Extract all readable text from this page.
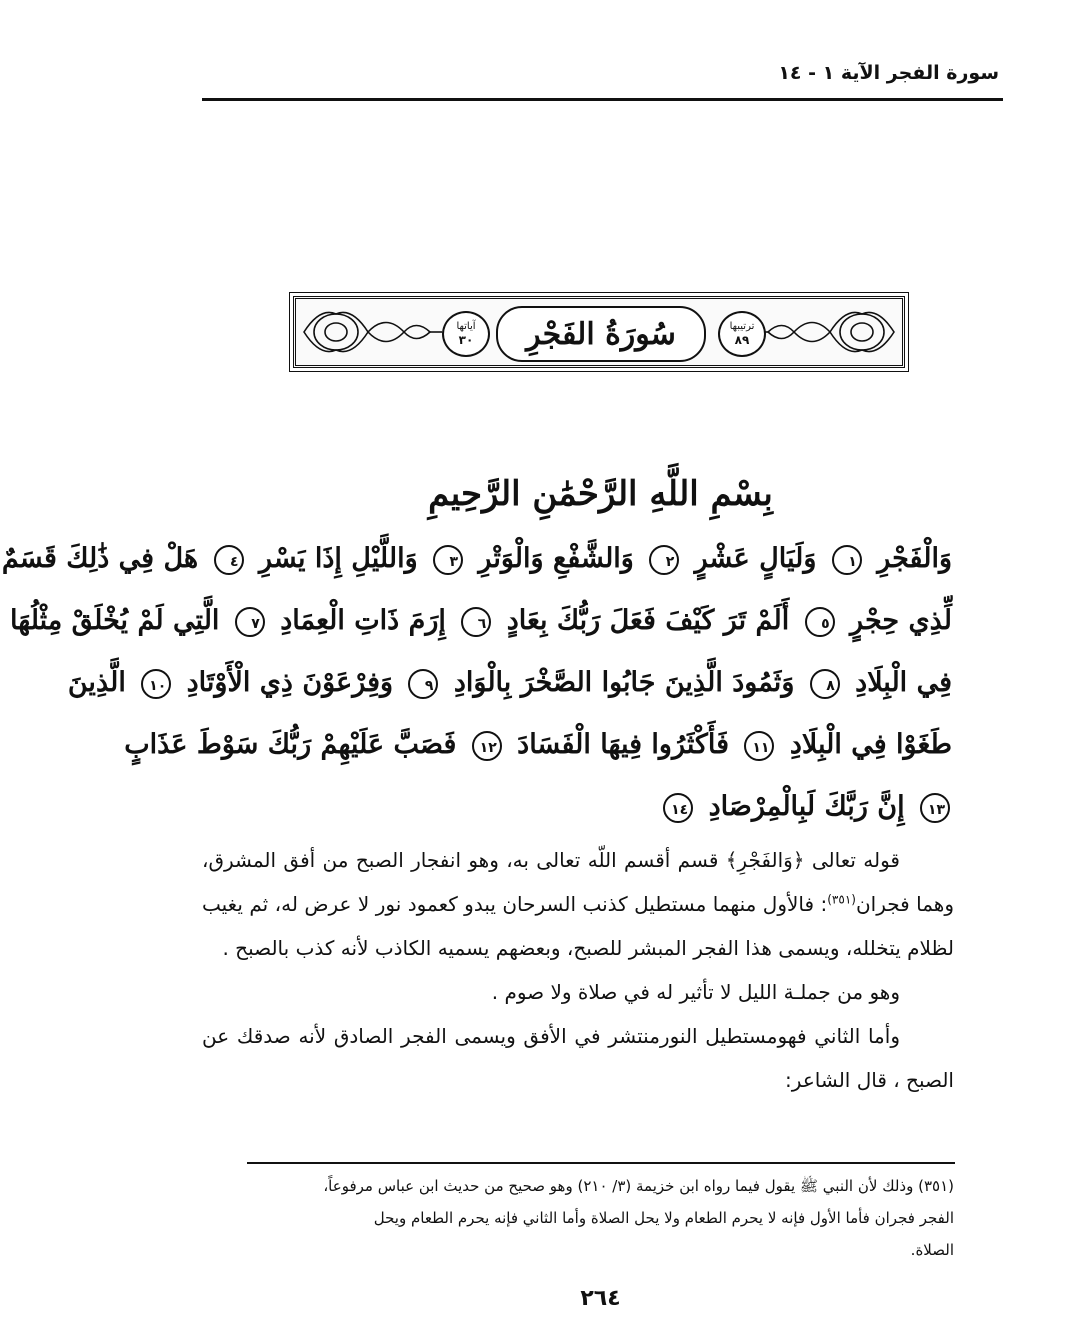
سورة الفجر الآية ١ - ١٤
آياتها
٣٠ سُورَةُ الفَجْرِ	ترتيبها
٨٩
بِسْمِ اللَّهِ الرَّحْمَٰنِ الرَّحِيمِ
وَالْفَجْرِ ١ وَلَيَالٍ عَشْرٍ ٢ وَالشَّفْعِ وَالْوَتْرِ ٣ وَاللَّيْلِ إِذَا يَسْرِ ٤ هَلْ فِي ذَٰلِكَ قَسَمٌ
لِّذِي حِجْرٍ ٥ أَلَمْ تَرَ كَيْفَ فَعَلَ رَبُّكَ بِعَادٍ ٦ إِرَمَ ذَاتِ الْعِمَادِ ٧ الَّتِي لَمْ يُخْلَقْ مِثْلُهَا
فِي الْبِلَادِ ٨ وَثَمُودَ الَّذِينَ جَابُوا الصَّخْرَ بِالْوَادِ ٩ وَفِرْعَوْنَ ذِي الْأَوْتَادِ ١٠ الَّذِينَ
طَغَوْا فِي الْبِلَادِ ١١ فَأَكْثَرُوا فِيهَا الْفَسَادَ ١٢ فَصَبَّ عَلَيْهِمْ رَبُّكَ سَوْطَ عَذَابٍ
١٣ إِنَّ رَبَّكَ لَبِالْمِرْصَادِ ١٤

قوله تعالى ﴿وَالفَجْرِ﴾ قسم أقسم اللّه تعالى به، وهو انفجار الصبح من أفق المشرق، وهما فجران$^{(٣٥١)}$: فالأول منهما مستطيل كذنب السرحان يبدو كعمود نور لا عرض له، ثم يغيب لظلام يتخلله، ويسمى هذا الفجر المبشر للصبح، وبعضهم يسميه الكاذب لأنه كذب بالصبح .

وهو من جملـة الليل لا تأثير له في صلاة ولا صوم .

وأما الثاني فهومستطيل النورمنتشر في الأفق ويسمى الفجر الصادق لأنه صدقك عن الصبح ، قال الشاعر:

(٣٥١) وذلك لأن النبي ﷺ يقول فيما رواه ابن خزيمة (٣/ ٢١٠) وهو صحيح من حديث ابن عباس مرفوعاً،

الفجر فجران فأما الأول فإنه لا يحرم الطعام ولا يحل الصلاة وأما الثاني فإنه يحرم الطعام ويحل

الصلاة.

٢٦٤
